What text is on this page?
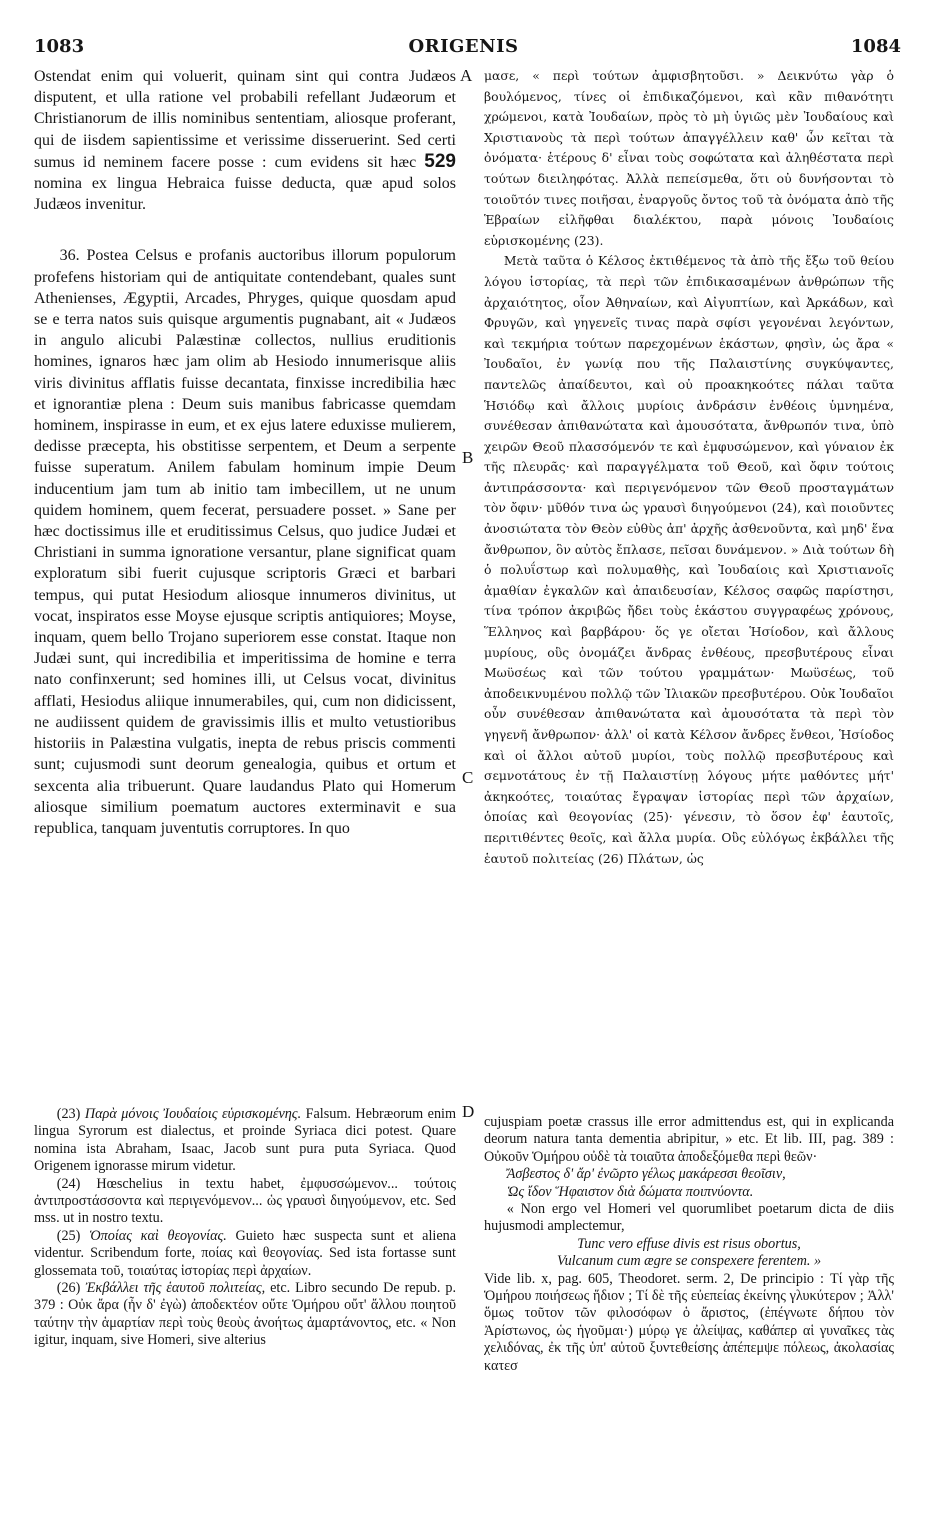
1083	ORIGENIS	1084
A
B
C
D

Ostendat enim qui voluerit, quinam sint qui contra Judæos disputent, et ulla ratione vel probabili refellant Judæorum et Christianorum de illis nominibus sententiam, aliosque proferant, qui de iisdem sapientissime et verissime disseruerint. Sed certi sumus id neminem facere posse : cum evidens sit hæc 529 nomina ex lingua Hebraica fuisse deducta, quæ apud solos Judæos invenitur.

36. Postea Celsus e profanis auctoribus illorum populorum profefens historiam qui de antiquitate contendebant, quales sunt Athenienses, Ægyptii, Arcades, Phryges, quique quosdam apud se e terra natos suis quisque argumentis pugnabant, ait « Judæos in angulo alicubi Palæstinæ collectos, nullius eruditionis homines, ignaros hæc jam olim ab Hesiodo innumerisque aliis viris divinitus afflatis fuisse decantata, finxisse incredibilia hæc et ignorantiæ plena : Deum suis manibus fabricasse quemdam hominem, inspirasse in eum, et ex ejus latere eduxisse mulierem, dedisse præcepta, his obstitisse serpentem, et Deum a serpente fuisse superatum. Anilem fabulam hominum impie Deum inducentium jam tum ab initio tam imbecillem, ut ne unum quidem hominem, quem fecerat, persuadere posset. » Sane per hæc doctissimus ille et eruditissimus Celsus, quo judice Judæi et Christiani in summa ignoratione versantur, plane significat quam exploratum sibi fuerit cujusque scriptoris Græci et barbari tempus, qui putat Hesiodum aliosque innumeros divinitus, ut vocat, inspiratos esse Moyse ejusque scriptis antiquiores; Moyse, inquam, quem bello Trojano superiorem esse constat. Itaque non Judæi sunt, qui incredibilia et imperitissima de homine e terra nato confinxerunt; sed homines illi, ut Celsus vocat, divinitus afflati, Hesiodus aliique innumerabiles, qui, cum non didicissent, ne audiissent quidem de gravissimis illis et multo vetustioribus historiis in Palæstina vulgatis, inepta de rebus priscis commenti sunt; cujusmodi sunt deorum genealogia, quibus et ortum et sexcenta alia tribuerunt. Quare laudandus Plato qui Homerum aliosque similium poematum auctores exterminavit e sua republica, tanquam juventutis corruptores. In quo

μασε, « περὶ τούτων ἀμφισβητοῦσι. » Δεικνύτω γὰρ ὁ βουλόμενος, τίνες οἱ ἐπιδικαζόμενοι, καὶ κἂν πιθανότητι χρώμενοι, κατὰ Ἰουδαίων, πρὸς τὸ μὴ ὑγιῶς μὲν Ἰουδαίους καὶ Χριστιανοὺς τὰ περὶ τούτων ἀπαγγέλλειν καθ' ὧν κεῖται τὰ ὀνόματα· ἑτέρους δ' εἶναι τοὺς σοφώτατα καὶ ἀληθέστατα περὶ τούτων διειληφότας. Ἀλλὰ πεπείσμεθα, ὅτι οὐ δυνήσονται τὸ τοιοῦτόν τινες ποιῆσαι, ἐναργοῦς ὄντος τοῦ τὰ ὀνόματα ἀπὸ τῆς Ἑβραίων εἰλῆφθαι διαλέκτου, παρὰ μόνοις Ἰουδαίοις εὑρισκομένης (23).

Μετὰ ταῦτα ὁ Κέλσος ἐκτιθέμενος τὰ ἀπὸ τῆς ἔξω τοῦ θείου λόγου ἱστορίας, τὰ περὶ τῶν ἐπιδικασαμένων ἀνθρώπων τῆς ἀρχαιότητος, οἷον Ἀθηναίων, καὶ Αἰγυπτίων, καὶ Ἀρκάδων, καὶ Φρυγῶν, καὶ γηγενεῖς τινας παρὰ σφίσι γεγονέναι λεγόντων, καὶ τεκμήρια τούτων παρεχομένων ἑκάστων, φησὶν, ὡς ἄρα « Ἰουδαῖοι, ἐν γωνίᾳ που τῆς Παλαιστίνης συγκύψαντες, παντελῶς ἀπαίδευτοι, καὶ οὐ προακηκοότες πάλαι ταῦτα Ἡσιόδῳ καὶ ἄλλοις μυρίοις ἀνδράσιν ἐνθέοις ὑμνημένα, συνέθεσαν ἀπιθανώτατα καὶ ἀμουσότατα, ἄνθρωπόν τινα, ὑπὸ χειρῶν Θεοῦ πλασσόμενόν τε καὶ ἐμφυσώμενον, καὶ γύναιον ἐκ τῆς πλευρᾶς· καὶ παραγγέλματα τοῦ Θεοῦ, καὶ ὄφιν τούτοις ἀντιπράσσοντα· καὶ περιγενόμενον τῶν Θεοῦ προσταγμάτων τὸν ὄφιν· μῦθόν τινα ὡς γραυσὶ διηγούμενοι (24), καὶ ποιοῦντες ἀνοσιώτατα τὸν Θεὸν εὐθὺς ἀπ' ἀρχῆς ἀσθενοῦντα, καὶ μηδ' ἕνα ἄνθρωπον, ὃν αὐτὸς ἔπλασε, πεῖσαι δυνάμενον. » Διὰ τούτων δὴ ὁ πολυΐστωρ καὶ πολυμαθὴς, καὶ Ἰουδαίοις καὶ Χριστιανοῖς ἀμαθίαν ἐγκαλῶν καὶ ἀπαιδευσίαν, Κέλσος σαφῶς παρίστησι, τίνα τρόπον ἀκριβῶς ἤδει τοὺς ἑκάστου συγγραφέως χρόνους, Ἕλληνος καὶ βαρβάρου· ὅς γε οἴεται Ἡσίοδον, καὶ ἄλλους μυρίους, οὓς ὀνομάζει ἄνδρας ἐνθέους, πρεσβυτέρους εἶναι Μωϋσέως καὶ τῶν τούτου γραμμάτων· Μωϋσέως, τοῦ ἀποδεικνυμένου πολλῷ τῶν Ἰλιακῶν πρεσβυτέρου. Οὐκ Ἰουδαῖοι οὖν συνέθεσαν ἀπιθανώτατα καὶ ἀμουσότατα τὰ περὶ τὸν γηγενῆ ἄνθρωπον· ἀλλ' οἱ κατὰ Κέλσον ἄνδρες ἔνθεοι, Ἡσίοδος καὶ οἱ ἄλλοι αὐτοῦ μυρίοι, τοὺς πολλῷ πρεσβυτέρους καὶ σεμνοτάτους ἐν τῇ Παλαιστίνῃ λόγους μήτε μαθόντες μήτ' ἀκηκοότες, τοιαύτας ἔγραψαν ἱστορίας περὶ τῶν ἀρχαίων, ὁποίας καὶ θεογονίας (25)· γένεσιν, τὸ ὅσον ἐφ' ἑαυτοῖς, περιτιθέντες θεοῖς, καὶ ἄλλα μυρία. Οὓς εὐλόγως ἐκβάλλει τῆς ἑαυτοῦ πολιτείας (26) Πλάτων, ὡς

(23) Παρὰ μόνοις Ἰουδαίοις εὑρισκομένης. Falsum. Hebræorum enim lingua Syrorum est dialectus, et proinde Syriaca dici potest. Quare nomina ista Abraham, Isaac, Jacob sunt pura puta Syriaca. Quod Origenem ignorasse mirum videtur.

(24) Hœschelius in textu habet, ἐμφυσσώμενον... τούτοις ἀντιπροστάσσοντα καὶ περιγενόμενον... ὡς γραυσὶ διηγούμενον, etc. Sed mss. ut in nostro textu.

(25) Ὁποίας καὶ θεογονίας. Guieto hæc suspecta sunt et aliena videntur. Scribendum forte, ποίας καὶ θεογονίας. Sed ista fortasse sunt glossemata τοῦ, τοιαύτας ἱστορίας περὶ ἀρχαίων.

(26) Ἐκβάλλει τῆς ἑαυτοῦ πολιτείας, etc. Libro secundo De repub. p. 379 : Οὐκ ἄρα (ἦν δ' ἐγὼ) ἀποδεκτέον οὔτε Ὁμήρου οὔτ' ἄλλου ποιητοῦ ταύτην τὴν ἁμαρτίαν περὶ τοὺς θεοὺς ἀνοήτως ἁμαρτάνοντος, etc. « Non igitur, inquam, sive Homeri, sive alterius

cujuspiam poetæ crassus ille error admittendus est, qui in explicanda deorum natura tanta dementia abripitur, » etc. Et lib. III, pag. 389 : Οὐκοῦν Ὁμήρου οὐδὲ τὰ τοιαῦτα ἀποδεξόμεθα περὶ θεῶν·

Ἄσβεστος δ' ἄρ' ἐνῶρτο γέλως μακάρεσσι θεοῖσιν,

Ὡς ἴδον Ἥφαιστον διὰ δώματα ποιπνύοντα.

« Non ergo vel Homeri vel quorumlibet poetarum dicta de diis hujusmodi amplectemur,

Tunc vero effuse divis est risus obortus,

Vulcanum cum ægre se conspexere ferentem. »

Vide lib. x, pag. 605, Theodoret. serm. 2, De principio : Τί γὰρ τῆς Ὁμήρου ποιήσεως ἥδιον ; Τί δὲ τῆς εὐεπείας ἐκείνης γλυκύτερον ; Ἀλλ' ὅμως τοῦτον τῶν φιλοσόφων ὁ ἄριστος, (ἐπέγνωτε δήπου τὸν Ἀρίστωνος, ὡς ἡγοῦμαι·) μύρῳ γε ἀλείψας, καθάπερ αἱ γυναῖκες τὰς χελιδόνας, ἐκ τῆς ὑπ' αὐτοῦ ξυντεθείσης ἀπέπεμψε πόλεως, ἀκολασίας κατεσ
